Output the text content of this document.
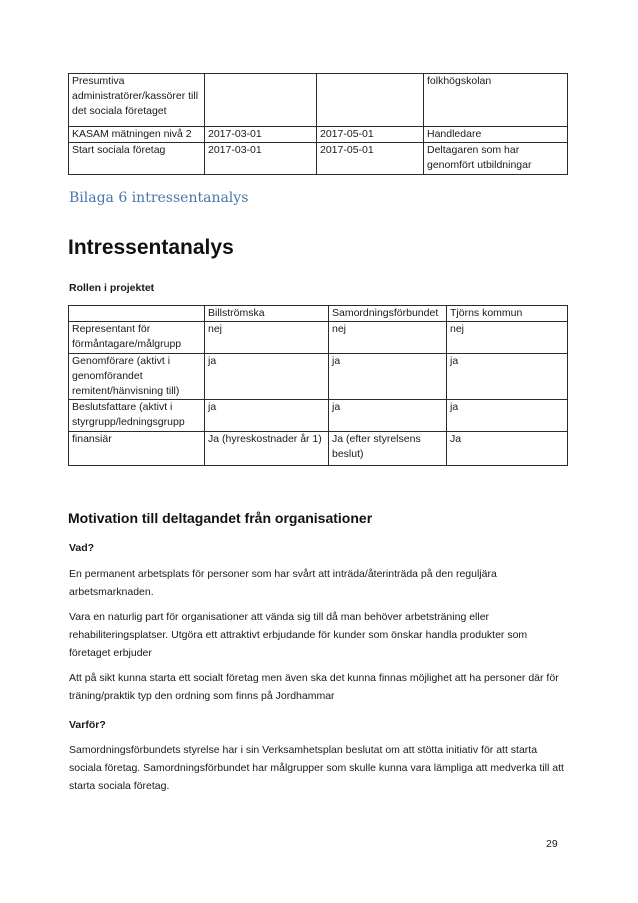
Presumtiva administratörer/kassörer till det sociala företaget			folkhögskolan
KASAM mätningen nivå 2	2017-03-01	2017-05-01	Handledare
Start sociala företag	2017-03-01	2017-05-01	Deltagaren som har genomfört utbildningar
Bilaga 6 intressentanalys
Intressentanalys

Rollen i projektet

	Billströmska	Samordningsförbundet	Tjörns kommun
Representant för förmåntagare/målgrupp	nej	nej	nej
Genomförare (aktivt i genomförandet remitent/hänvisning till)	ja	ja	ja
Beslutsfattare (aktivt i styrgrupp/ledningsgrupp	ja	ja	ja
finansiär	Ja (hyreskostnader år 1)	Ja (efter styrelsens beslut)	Ja
Motivation till deltagandet från organisationer

Vad?

En permanent arbetsplats för personer som har svårt att inträda/återinträda på den reguljära arbetsmarknaden.

Vara en naturlig part för organisationer att vända sig till då man behöver arbetsträning eller rehabiliteringsplatser. Utgöra ett attraktivt erbjudande för kunder som önskar handla produkter som företaget erbjuder

Att på sikt kunna starta ett socialt företag men även ska det kunna finnas möjlighet att ha personer där för träning/praktik typ den ordning som finns på Jordhammar

Varför?

Samordningsförbundets styrelse har i sin Verksamhetsplan beslutat om att stötta initiativ för att starta sociala företag. Samordningsförbundet har målgrupper som skulle kunna vara lämpliga att medverka till att starta sociala företag.

29
